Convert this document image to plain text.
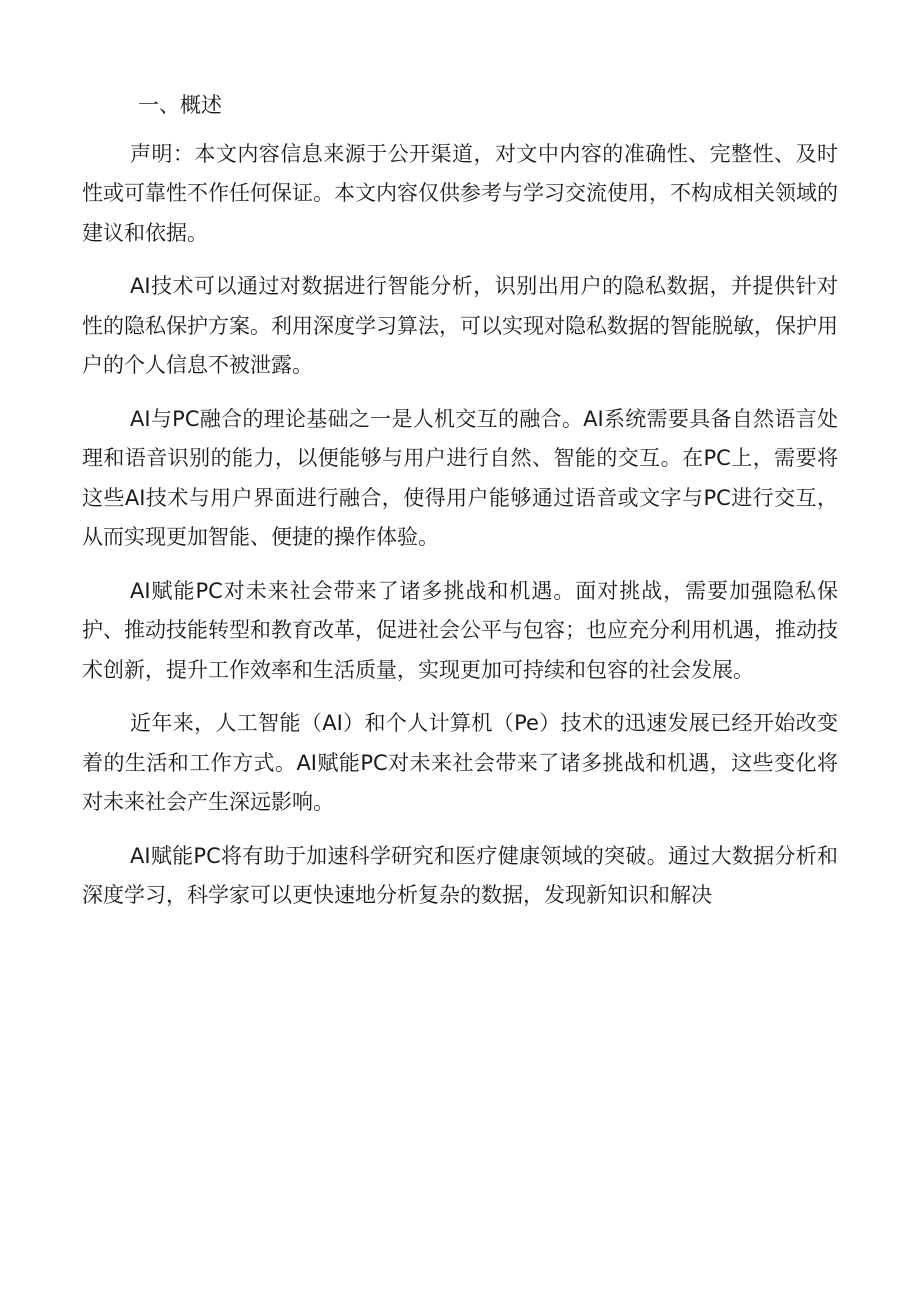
一、概述

声明：本文内容信息来源于公开渠道，对文中内容的准确性、完整性、及时性或可靠性不作任何保证。本文内容仅供参考与学习交流使用，不构成相关领域的建议和依据。

AI技术可以通过对数据进行智能分析，识别出用户的隐私数据，并提供针对性的隐私保护方案。利用深度学习算法，可以实现对隐私数据的智能脱敏，保护用户的个人信息不被泄露。

AI与PC融合的理论基础之一是人机交互的融合。AI系统需要具备自然语言处理和语音识别的能力，以便能够与用户进行自然、智能的交互。在PC上，需要将这些AI技术与用户界面进行融合，使得用户能够通过语音或文字与PC进行交互，从而实现更加智能、便捷的操作体验。

AI赋能PC对未来社会带来了诸多挑战和机遇。面对挑战，需要加强隐私保护、推动技能转型和教育改革，促进社会公平与包容；也应充分利用机遇，推动技术创新，提升工作效率和生活质量，实现更加可持续和包容的社会发展。

近年来，人工智能（AI）和个人计算机（Pe）技术的迅速发展已经开始改变着的生活和工作方式。AI赋能PC对未来社会带来了诸多挑战和机遇，这些变化将对未来社会产生深远影响。

AI赋能PC将有助于加速科学研究和医疗健康领域的突破。通过大数据分析和深度学习，科学家可以更快速地分析复杂的数据，发现新知识和解决
